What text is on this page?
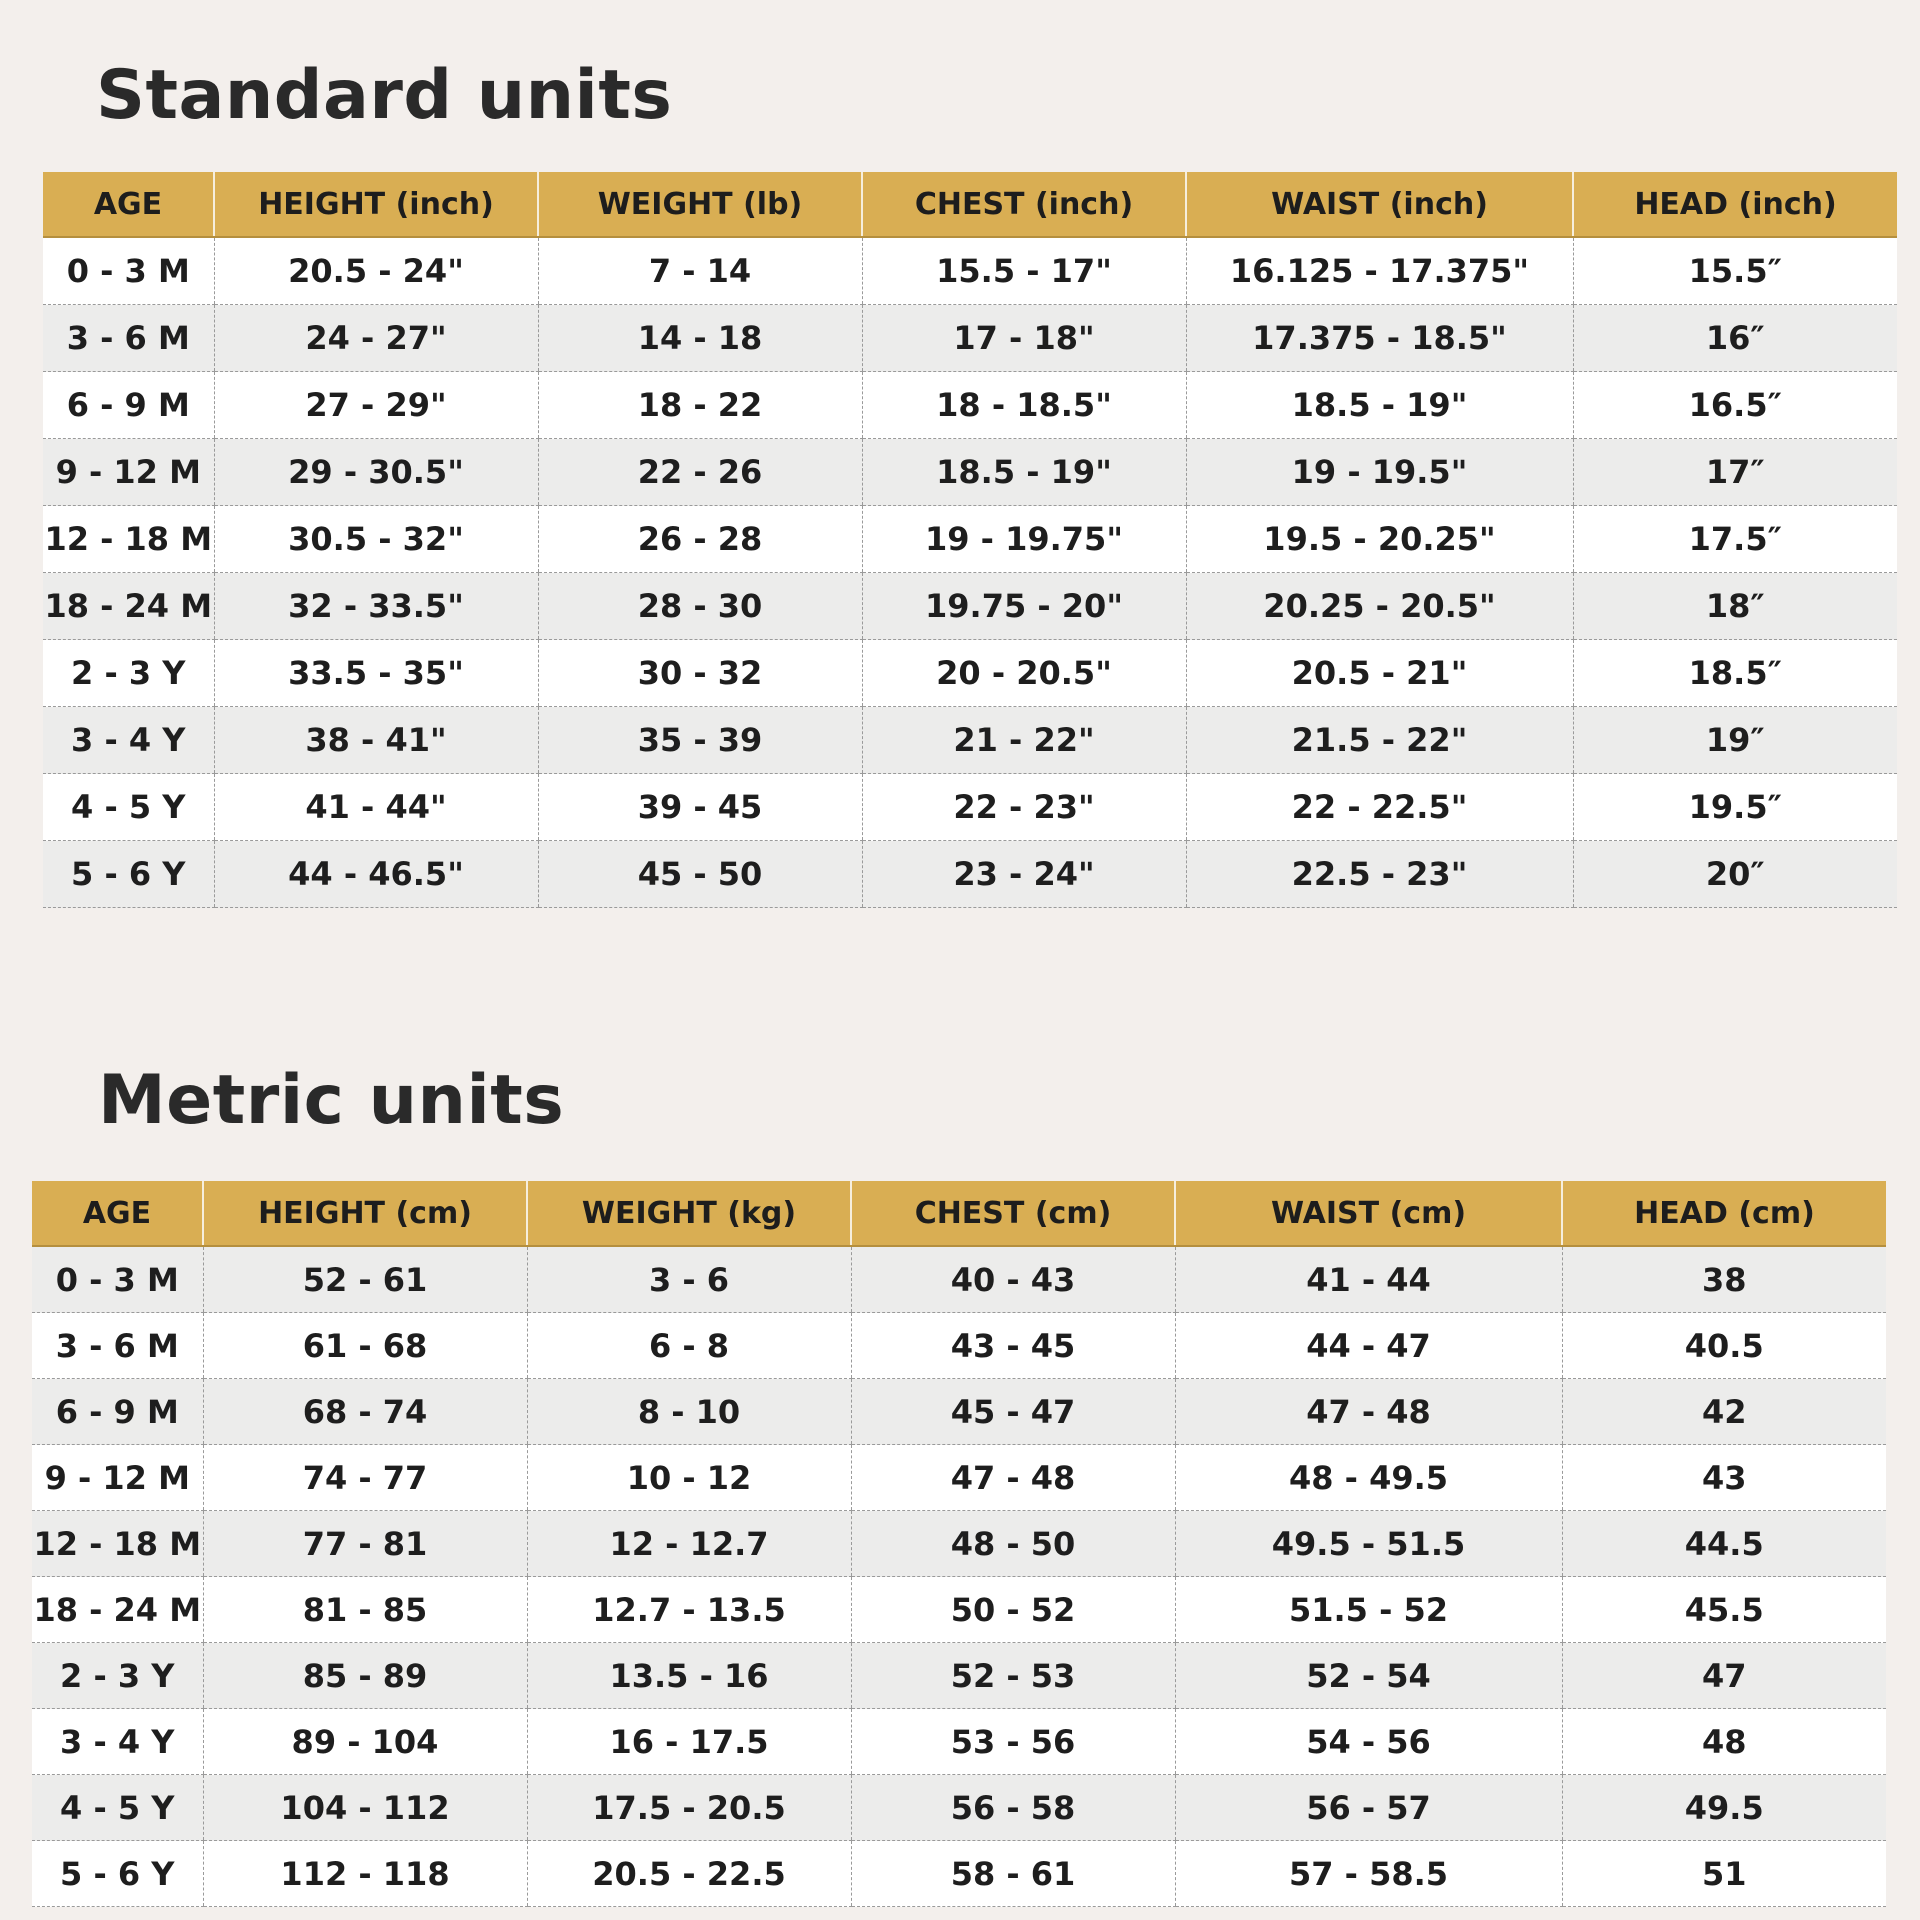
Standard units
AGE	HEIGHT (inch)	WEIGHT (lb)	CHEST (inch)	WAIST (inch)	HEAD (inch)
0 - 3 M	20.5 - 24"	7 - 14	15.5 - 17"	16.125 - 17.375"	15.5″
3 - 6 M	24 - 27"	14 - 18	17 - 18"	17.375 - 18.5"	16″
6 - 9 M	27 - 29"	18 - 22	18 - 18.5"	18.5 - 19"	16.5″
9 - 12 M	29 - 30.5"	22 - 26	18.5 - 19"	19 - 19.5"	17″
12 - 18 M	30.5 - 32"	26 - 28	19 - 19.75"	19.5 - 20.25"	17.5″
18 - 24 M	32 - 33.5"	28 - 30	19.75 - 20"	20.25 - 20.5"	18″
2 - 3 Y	33.5 - 35"	30 - 32	20 - 20.5"	20.5 - 21"	18.5″
3 - 4 Y	38 - 41"	35 - 39	21 - 22"	21.5 - 22"	19″
4 - 5 Y	41 - 44"	39 - 45	22 - 23"	22 - 22.5"	19.5″
5 - 6 Y	44 - 46.5"	45 - 50	23 - 24"	22.5 - 23"	20″
Metric units
AGE	HEIGHT (cm)	WEIGHT (kg)	CHEST (cm)	WAIST (cm)	HEAD (cm)
0 - 3 M	52 - 61	3 - 6	40 - 43	41 - 44	38
3 - 6 M	61 - 68	6 - 8	43 - 45	44 - 47	40.5
6 - 9 M	68 - 74	8 - 10	45 - 47	47 - 48	42
9 - 12 M	74 - 77	10 - 12	47 - 48	48 - 49.5	43
12 - 18 M	77 - 81	12 - 12.7	48 - 50	49.5 - 51.5	44.5
18 - 24 M	81 - 85	12.7 - 13.5	50 - 52	51.5 - 52	45.5
2 - 3 Y	85 - 89	13.5 - 16	52 - 53	52 - 54	47
3 - 4 Y	89 - 104	16 - 17.5	53 - 56	54 - 56	48
4 - 5 Y	104 - 112	17.5 - 20.5	56 - 58	56 - 57	49.5
5 - 6 Y	112 - 118	20.5 - 22.5	58 - 61	57 - 58.5	51
